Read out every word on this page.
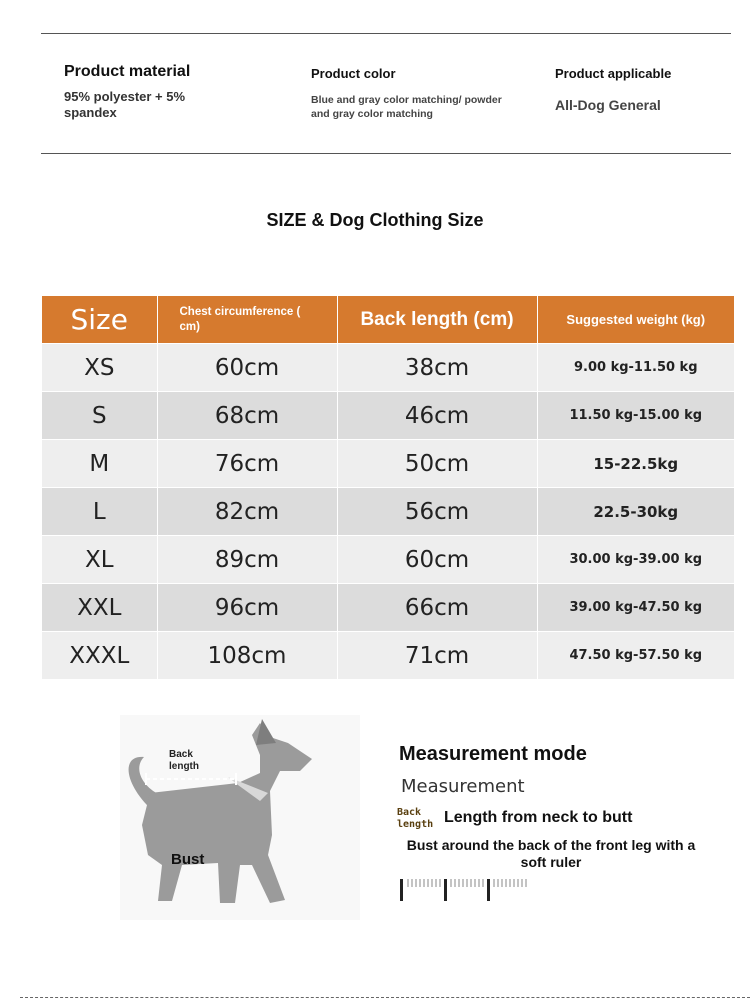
Product material
95% polyester + 5% spandex
Product color
Blue and gray color matching/ powder and gray color matching
Product applicable
All-Dog General
SIZE & Dog Clothing Size
Size	Chest circumference ( cm)	Back length (cm)	Suggested weight (kg)
XS	60cm	38cm	9.00 kg-11.50 kg
S	68cm	46cm	11.50 kg-15.00 kg
M	76cm	50cm	15-22.5kg
L	82cm	56cm	22.5-30kg
XL	89cm	60cm	30.00 kg-39.00 kg
XXL	96cm	66cm	39.00 kg-47.50 kg
XXXL	108cm	71cm	47.50 kg-57.50 kg
Back length
Bust
Measurement mode
Measurement
Back length Length from neck to butt
Bust around the back of the front leg with a soft ruler
